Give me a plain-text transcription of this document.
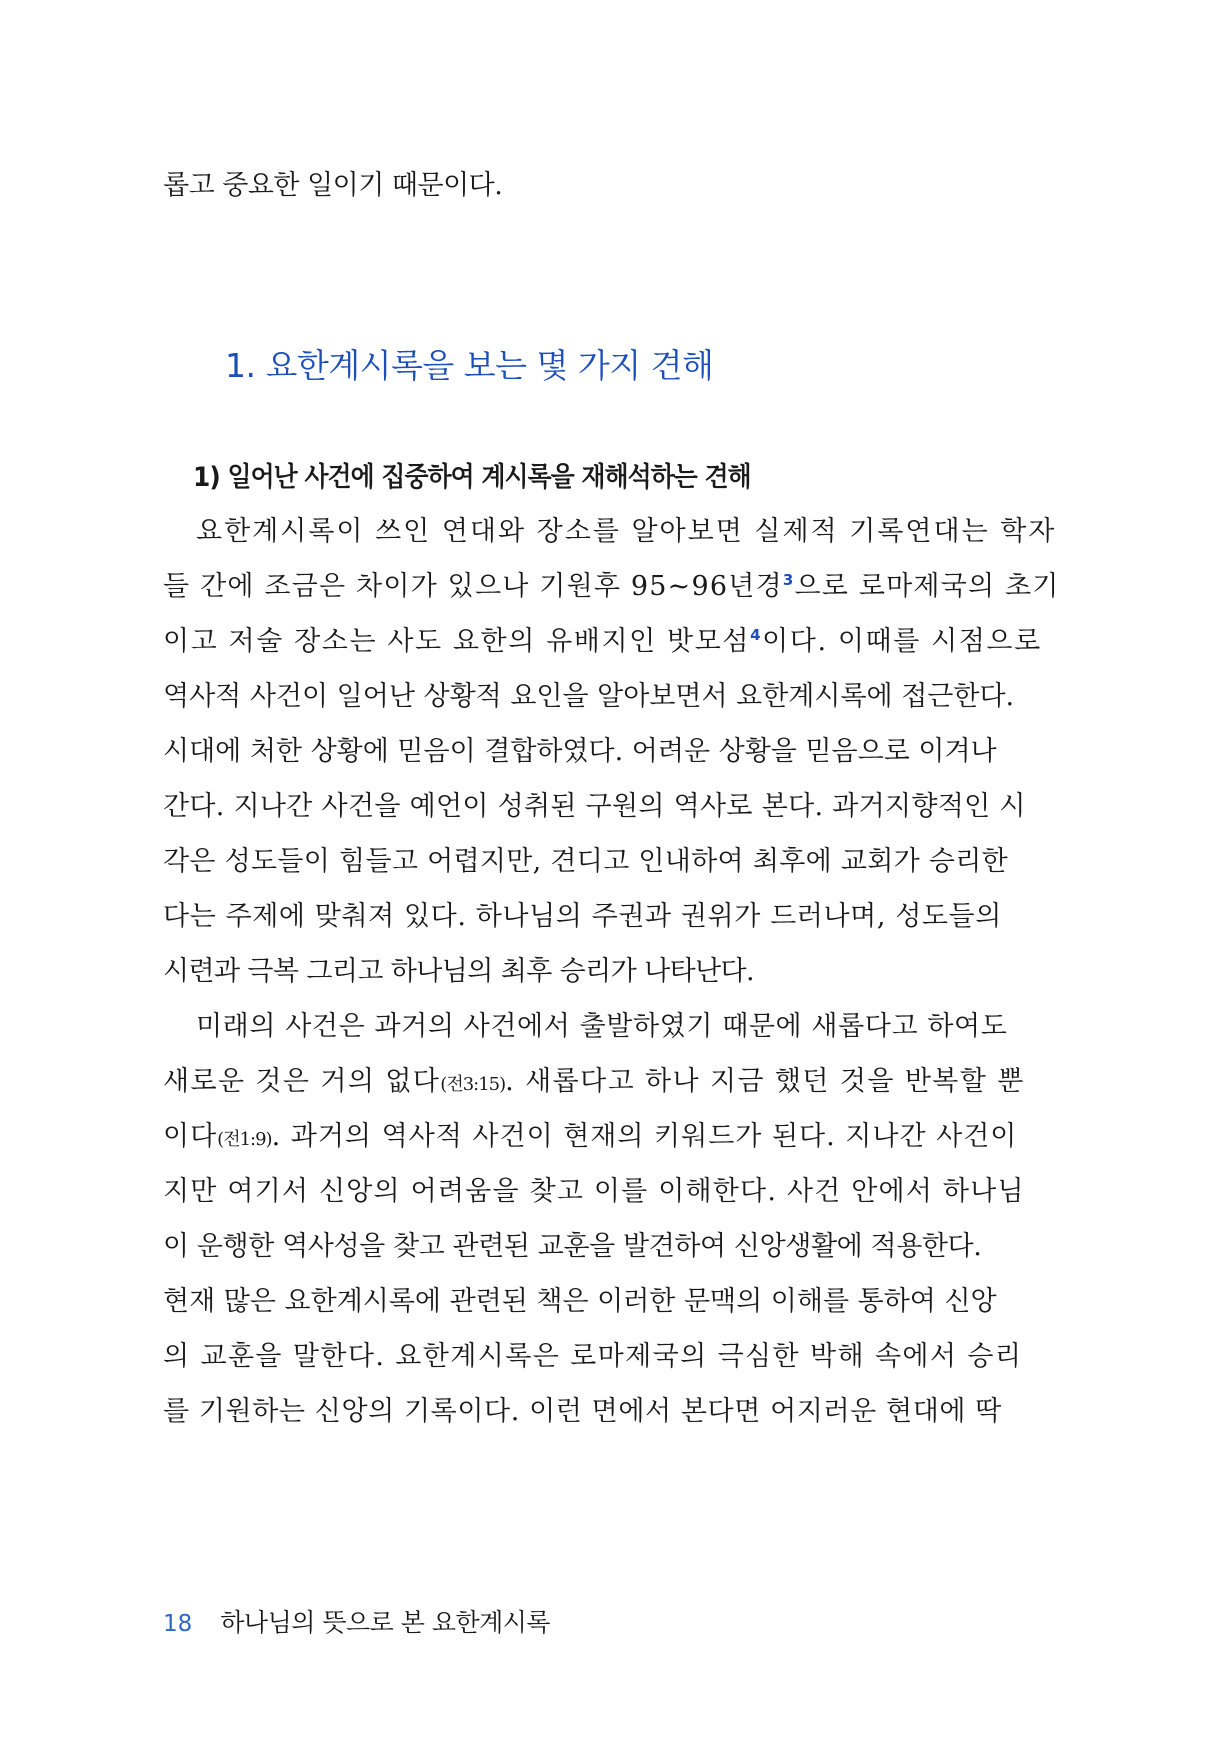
롭고 중요한 일이기 때문이다.
1. 요한계시록을 보는 몇 가지 견해
1) 일어난 사건에 집중하여 계시록을 재해석하는 견해
요한계시록이 쓰인 연대와 장소를 알아보면 실제적 기록연대는 학자
들 간에 조금은 차이가 있으나 기원후 95~96년경$^3$으로 로마제국의 초기
이고 저술 장소는 사도 요한의 유배지인 밧모섬$^4$이다. 이때를 시점으로
역사적 사건이 일어난 상황적 요인을 알아보면서 요한계시록에 접근한다.
시대에 처한 상황에 믿음이 결합하였다. 어려운 상황을 믿음으로 이겨나
간다. 지나간 사건을 예언이 성취된 구원의 역사로 본다. 과거지향적인 시
각은 성도들이 힘들고 어렵지만, 견디고 인내하여 최후에 교회가 승리한
다는 주제에 맞춰져 있다. 하나님의 주권과 권위가 드러나며, 성도들의
시련과 극복 그리고 하나님의 최후 승리가 나타난다.
미래의 사건은 과거의 사건에서 출발하였기 때문에 새롭다고 하여도
새로운 것은 거의 없다(전3:15). 새롭다고 하나 지금 했던 것을 반복할 뿐
이다(전1:9). 과거의 역사적 사건이 현재의 키워드가 된다. 지나간 사건이
지만 여기서 신앙의 어려움을 찾고 이를 이해한다. 사건 안에서 하나님
이 운행한 역사성을 찾고 관련된 교훈을 발견하여 신앙생활에 적용한다.
현재 많은 요한계시록에 관련된 책은 이러한 문맥의 이해를 통하여 신앙
의 교훈을 말한다. 요한계시록은 로마제국의 극심한 박해 속에서 승리
를 기원하는 신앙의 기록이다. 이런 면에서 본다면 어지러운 현대에 딱
18 하나님의 뜻으로 본 요한계시록
